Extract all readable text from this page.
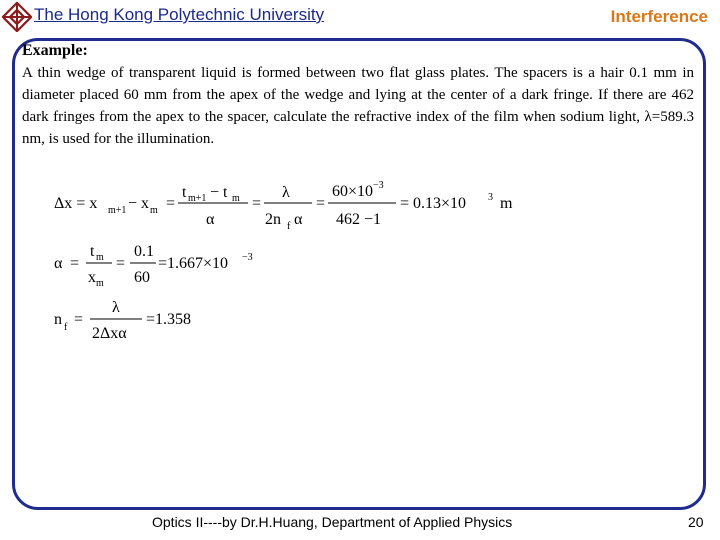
The Hong Kong Polytechnic University	Interference

Example:

A thin wedge of transparent liquid is formed between two flat glass plates. The spacers is a hair 0.1 mm in diameter placed 60 mm from the apex of the wedge and lying at the center of a dark fringe. If there are 462 dark fringes from the apex to the spacer, calculate the refractive index of the film when sodium light, λ=589.3 nm, is used for the illumination.

Δx = x m+1 − x m =
t m+1 − t m
α
=
λ
2n f α
=
60×10 −3
462 −1
= 0.13×10 3 m
α =
t m
x m
=
0.1
60
=1.667×10 −3
n f =
λ
2Δxα
=1.358
Optics II----by Dr.H.Huang, Department of Applied Physics	20
